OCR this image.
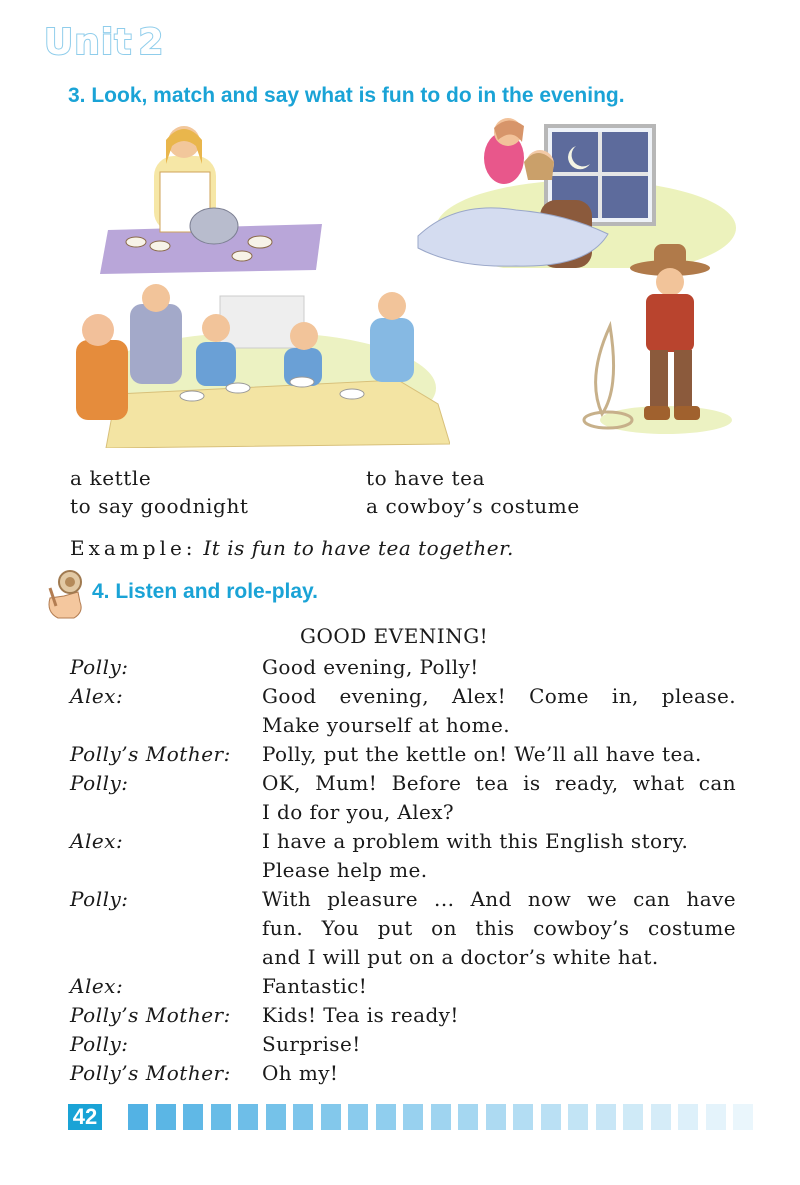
Unit 2
3. Look, match and say what is fun to do in the evening.
a kettle	to have tea
to say goodnight	a cowboy’s costume
Example: It is fun to have tea together.
4. Listen and role-play.
GOOD EVENING!
Polly:	Good evening, Polly!
Alex:	Good evening, Alex! Come in, please.
Make yourself at home.
Polly’s Mother: Polly, put the kettle on! We’ll all have tea.
Polly:	OK, Mum! Before tea is ready, what can
I do for you, Alex?
Alex:	I have a problem with this English story.
Please help me.
Polly:	With pleasure ... And now we can have
fun. You put on this cowboy’s costume
and I will put on a doctor’s white hat.
Alex:	Fantastic!
Polly’s Mother: Kids! Tea is ready!
Polly:	Surprise!
Polly’s Mother: Oh my!
42
